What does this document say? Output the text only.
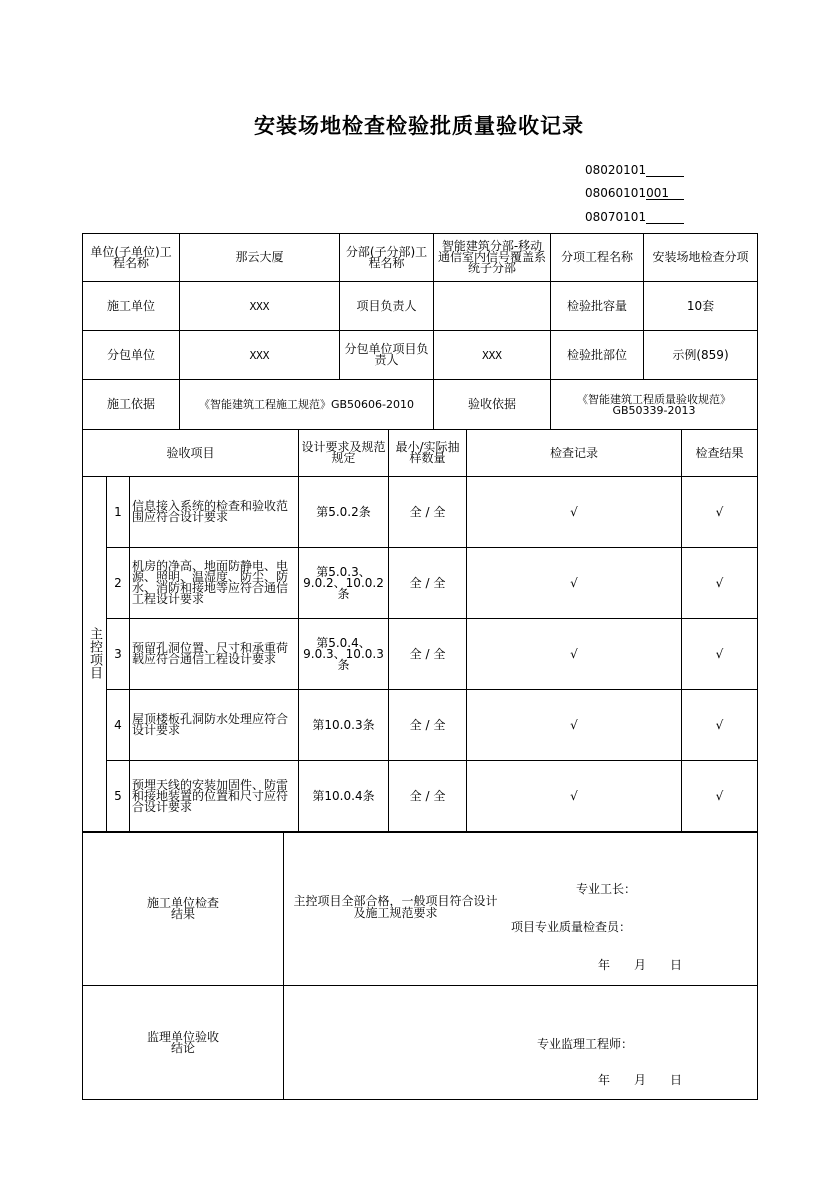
安装场地检查检验批质量验收记录
08020101
08060101001
08070101
单位(子单位)工程名称	那云大厦	分部(子分部)工程名称	智能建筑分部-移动通信室内信号覆盖系统子分部	分项工程名称	安装场地检查分项
施工单位	XXX	项目负责人		检验批容量	10套
分包单位	XXX	分包单位项目负责人	XXX	检验批部位	示例(859)
施工依据	《智能建筑工程施工规范》GB50606-2010		验收依据	《智能建筑工程质量验收规范》GB50339-2013	
验收项目			设计要求及规范规定	最小/实际抽样数量	检查记录	检查结果
主控项目	1	信息接入系统的检查和验收范围应符合设计要求	第5.0.2条	全 / 全	√	√
	2	机房的净高、地面防静电、电源、照明、温湿度、防尘、防水、消防和接地等应符合通信工程设计要求	第5.0.3、9.0.2、10.0.2条	全 / 全	√	√
	3	预留孔洞位置、尺寸和承重荷载应符合通信工程设计要求	第5.0.4、9.0.3、10.0.3条	全 / 全	√	√
	4	屋顶楼板孔洞防水处理应符合设计要求	第10.0.3条	全 / 全	√	√
	5	预埋天线的安装加固件、防雷和接地装置的位置和尺寸应符合设计要求	第10.0.4条	全 / 全	√	√
施工单位检查结果	主控项目全部合格，一般项目符合设计及施工规范要求
专业工长：
项目专业质量检查员：
年　　月　　日

监理单位验收结论	专业监理工程师：
年　　月　　日
